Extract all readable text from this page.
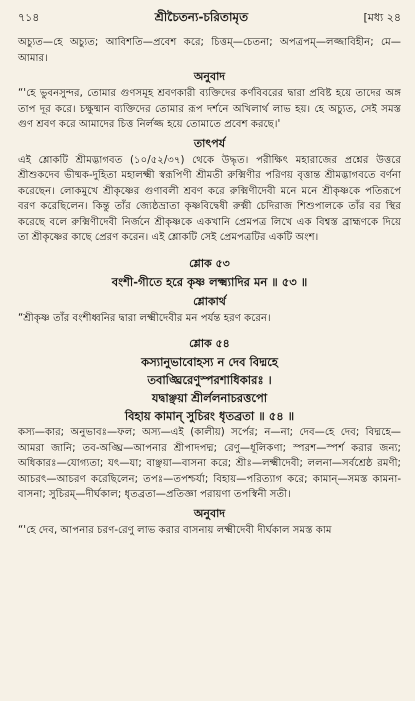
৭১৪	শ্রীচৈতন্য-চরিতামৃত	[মধ্য ২৪

অচ্যুত—হে অচ্যুত; আবিশতি—প্রবেশ করে; চিত্তম্—চেতনা; অপত্রপম্—লজ্জাবিহীন; মে—আমার।

অনুবাদ

“'হে ভুবনসুন্দর, তোমার গুণসমূহ শ্রবণকারী ব্যক্তিদের কর্ণবিবরের দ্বারা প্রবিষ্ট হয়ে তাদের অঙ্গ তাপ দূর করে। চক্ষুষ্মান ব্যক্তিদের তোমার রূপ দর্শনে অখিলার্থ লাভ হয়। হে অচ্যুত, সেই সমস্ত গুণ শ্রবণ করে আমাদের চিত্ত নির্লজ্জ হয়ে তোমাতে প্রবেশ করছে।'

তাৎপর্য

এই শ্লোকটি শ্রীমদ্ভাগবত (১০/৫২/৩৭) থেকে উদ্ধৃত। পরীক্ষিৎ মহারাজের প্রশ্নের উত্তরে শ্রীশুকদেব ভীষ্মক-দুহিতা মহালক্ষ্মী স্বরূপিণী শ্রীমতী রুক্মিণীর পরিণয় বৃত্তান্ত শ্রীমদ্ভাগবতে বর্ণনা করেছেন। লোকমুখে শ্রীকৃষ্ণের গুণাবলী শ্রবণ করে রুক্মিণীদেবী মনে মনে শ্রীকৃষ্ণকে পতিরূপে বরণ করেছিলেন। কিন্তু তাঁর জ্যেষ্ঠভ্রাতা কৃষ্ণবিদ্বেষী রুক্মী চেদিরাজ শিশুপালকে তাঁর বর স্থির করেছে বলে রুক্মিণীদেবী নির্জনে শ্রীকৃষ্ণকে একখানি প্রেমপত্র লিখে এক বিশ্বস্ত ব্রাহ্মণকে দিয়ে তা শ্রীকৃষ্ণের কাছে প্রেরণ করেন। এই শ্লোকটি সেই প্রেমপত্রটির একটি অংশ।

শ্লোক ৫৩
বংশী-গীতে হরে কৃষ্ণ লক্ষ্ম্যাদির মন ॥ ৫৩ ॥
শ্লোকার্থ

“শ্রীকৃষ্ণ তাঁর বংশীধ্বনির দ্বারা লক্ষ্মীদেবীর মন পর্যন্ত হরণ করেন।

শ্লোক ৫৪
কস্যানুভাবোহস্য ন দেব বিদ্মহে
তবাঙ্ঘ্রিরেণুস্পরশাধিকারঃ ।
যদ্বাঞ্ছয়া শ্রীর্ললনাচরত্তপো
বিহায় কামান্ সুচিরং ধৃতব্রতা ॥ ৫৪ ॥

কস্য—কার; অনুভাবঃ—ফল; অস্য—এই (কালীয়) সর্পের; ন—না; দেব—হে দেব; বিদ্মহে—আমরা জানি; তব-অঙ্ঘ্রি—আপনার শ্রীপাদপদ্ম; রেণু—ধূলিকণা; স্পরশ—স্পর্শ করার জন্য; অধিকারঃ—যোগ্যতা; যৎ—যা; বাঞ্ছয়া—বাসনা করে; শ্রীঃ—লক্ষ্মীদেবী; ললনা—সর্বশ্রেষ্ঠ রমণী; আচরৎ—আচরণ করেছিলেন; তপঃ—তপশ্চর্যা; বিহায়—পরিত্যাগ করে; কামান্—সমস্ত কামনা-বাসনা; সুচিরম্—দীর্ঘকাল; ধৃতব্রতা—প্রতিজ্ঞা পরায়ণা তপস্বিনী সতী।

অনুবাদ

“'হে দেব, আপনার চরণ-রেণু লাভ করার বাসনায় লক্ষ্মীদেবী দীর্ঘকাল সমস্ত কাম
